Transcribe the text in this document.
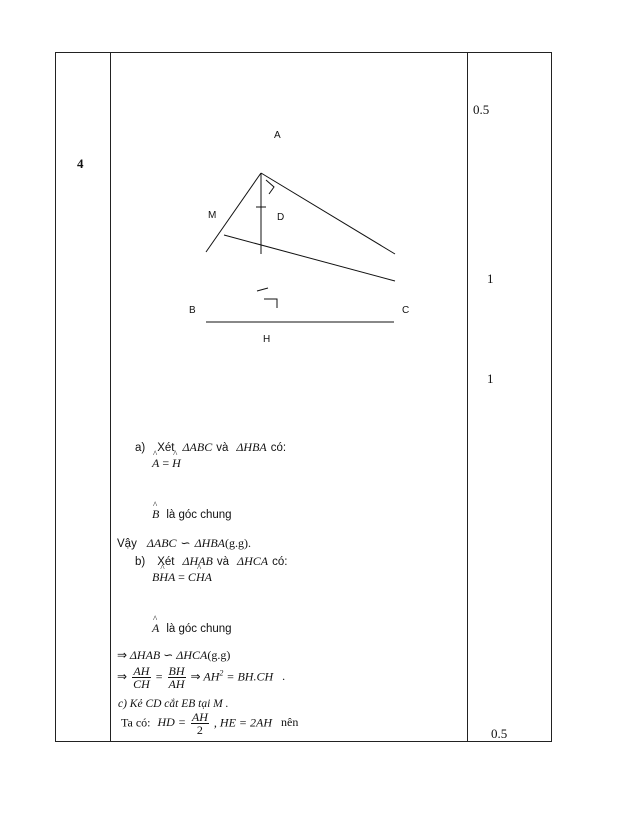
4
0.5
1
1
0.5
A
M	D
B	C
H
a) Xét ΔABC và ΔHBA có:
^ A = ^ H
^ B là góc chung
Vậy ΔABC ∽ ΔHBA(g.g).
b) Xét ΔHAB và ΔHCA có:
B^ HA = C^ HA
^ A là góc chung
⇒ ΔHAB ∽ ΔHCA(g.g)
⇒ $\frac{AH}{CH} = \frac{BH}{AH}$ ⇒ $AH^2 = BH.CH$ .
c) Kẻ CD cắt EB tại M .
Ta có: HD = $\frac{AH}{2}$ , HE = 2AH nên
